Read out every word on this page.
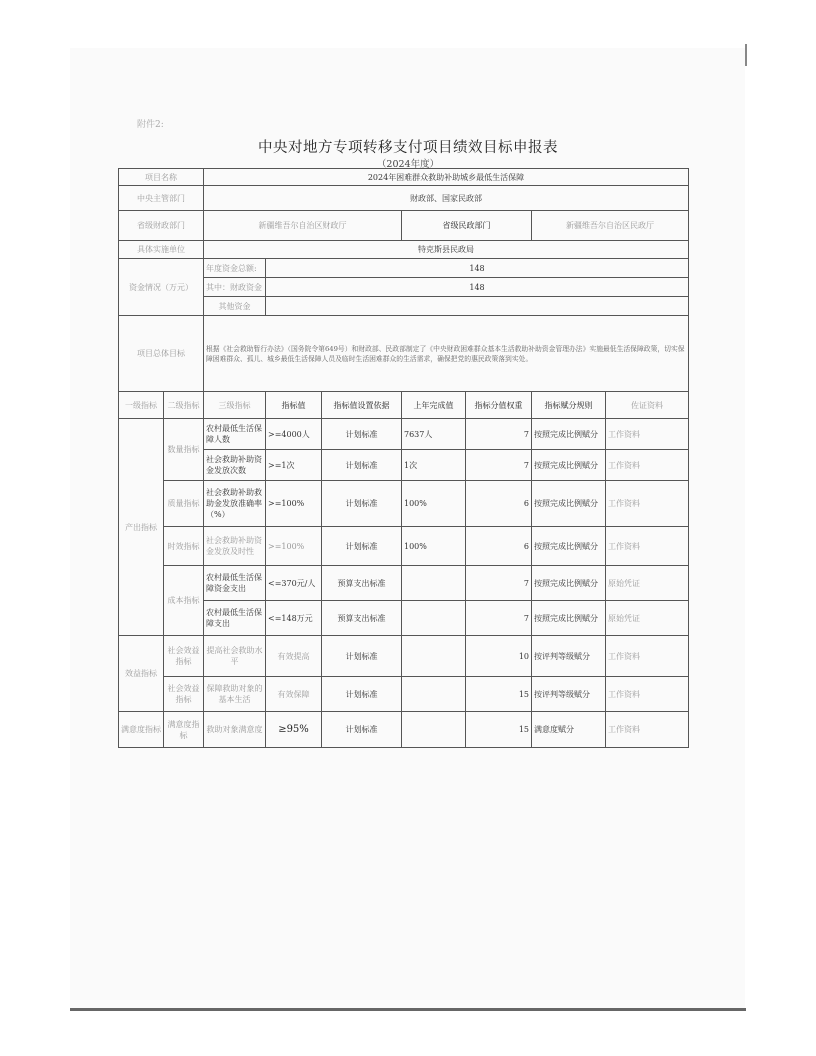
附件2:
中央对地方专项转移支付项目绩效目标申报表
（2024年度）
项目名称		2024年困难群众救助补助城乡最低生活保障						
中央主管部门		财政部、国家民政部						
省级财政部门		新疆维吾尔自治区财政厅			省级民政部门		新疆维吾尔自治区民政厅	
具体实施单位		特克斯县民政局						
资金情况（万元）		年度资金总额:	148					
		其中：财政资金	148					
		其他资金						
项目总体目标		根据《社会救助暂行办法》（国务院令第649号）和财政部、民政部制定了《中央财政困难群众基本生活救助补助资金管理办法》实施最低生活保障政策，切实保障困难群众、孤儿、城乡最低生活保障人员及临时生活困难群众的生活需求，确保把党的惠民政策落到实处。						
一级指标	二级指标	三级指标	指标值	指标值设置依据	上年完成值	指标分值权重	指标赋分规则	佐证资料
产出指标	数量指标	农村最低生活保障人数	>=4000人	计划标准	7637人	7	按照完成比例赋分	工作资料
		社会救助补助资金发放次数	>=1次	计划标准	1次	7	按照完成比例赋分	工作资料
	质量指标	社会救助补助救助金发放准确率（%）	>=100%	计划标准	100%	6	按照完成比例赋分	工作资料
	时效指标	社会救助补助资金发放及时性	>=100%	计划标准	100%	6	按照完成比例赋分	工作资料
	成本指标	农村最低生活保障资金支出	<=370元/人	预算支出标准		7	按照完成比例赋分	原始凭证
		农村最低生活保障支出	<=148万元	预算支出标准		7	按照完成比例赋分	原始凭证
效益指标	社会效益指标	提高社会救助水平	有效提高	计划标准		10	按评判等级赋分	工作资料
	社会效益指标	保障救助对象的基本生活	有效保障	计划标准		15	按评判等级赋分	工作资料
满意度指标	满意度指标	救助对象满意度	≥95%	计划标准		15	满意度赋分	工作资料
